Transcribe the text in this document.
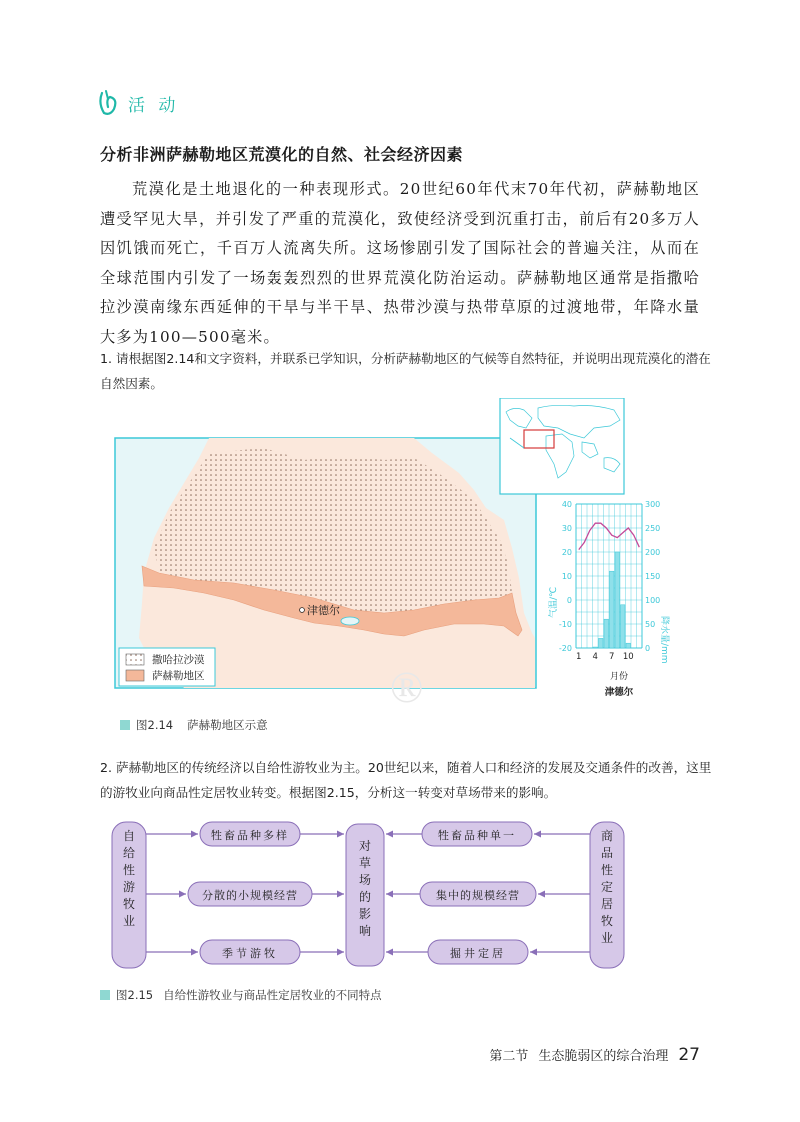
活 动
分析非洲萨赫勒地区荒漠化的自然、社会经济因素
荒漠化是土地退化的一种表现形式。20世纪60年代末70年代初，萨赫勒地区遭受罕见大旱，并引发了严重的荒漠化，致使经济受到沉重打击，前后有20多万人因饥饿而死亡，千百万人流离失所。这场惨剧引发了国际社会的普遍关注，从而在全球范围内引发了一场轰轰烈烈的世界荒漠化防治运动。萨赫勒地区通常是指撒哈拉沙漠南缘东西延伸的干旱与半干旱、热带沙漠与热带草原的过渡地带，年降水量大多为100—500毫米。
1. 请根据图2.14和文字资料，并联系已学知识，分析萨赫勒地区的气候等自然特征，并说明出现荒漠化的潜在自然因素。
津德尔
撒哈拉沙漠
萨赫勒地区
40
30
20
10
0
-10
-20
300
250
200
150
100
50
0
1 4 7 10
气温/℃
降水量/mm
月份
津德尔
图2.14 萨赫勒地区示意
®
2. 萨赫勒地区的传统经济以自给性游牧业为主。20世纪以来，随着人口和经济的发展及交通条件的改善，这里的游牧业向商品性定居牧业转变。根据图2.15，分析这一转变对草场带来的影响。
自给性游牧业
对草场的影响
商品性定居牧业
牲畜品种多样
分散的小规模经营
季节游牧
牲畜品种单一
集中的规模经营
掘井定居
图2.15 自给性游牧业与商品性定居牧业的不同特点
第二节 生态脆弱区的综合治理 27
